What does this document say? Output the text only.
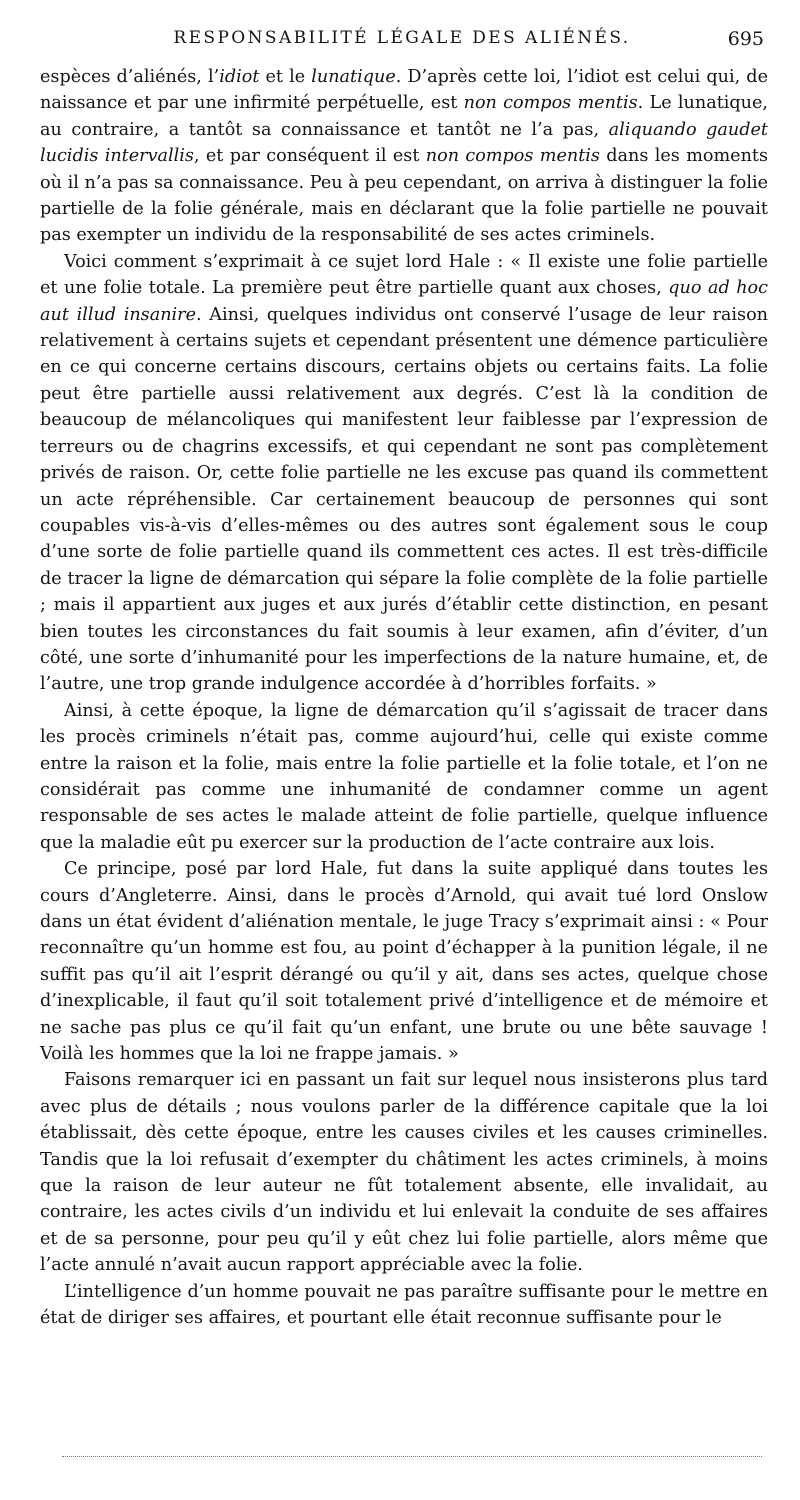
RESPONSABILITÉ LÉGALE DES ALIÉNÉS.	695

espèces d’aliénés, l’idiot et le lunatique. D’après cette loi, l’idiot est celui qui, de naissance et par une infirmité perpétuelle, est non compos mentis. Le lunatique, au contraire, a tantôt sa connaissance et tantôt ne l’a pas, aliquando gaudet lucidis intervallis, et par conséquent il est non compos mentis dans les moments où il n’a pas sa connaissance. Peu à peu cependant, on arriva à distinguer la folie partielle de la folie générale, mais en déclarant que la folie partielle ne pouvait pas exempter un individu de la responsabilité de ses actes criminels.

Voici comment s’exprimait à ce sujet lord Hale : « Il existe une folie partielle et une folie totale. La première peut être partielle quant aux choses, quo ad hoc aut illud insanire. Ainsi, quelques individus ont conservé l’usage de leur raison relativement à certains sujets et cependant présentent une démence particulière en ce qui concerne certains discours, certains objets ou certains faits. La folie peut être partielle aussi relativement aux degrés. C’est là la condition de beaucoup de mélancoliques qui manifestent leur faiblesse par l’expression de terreurs ou de chagrins excessifs, et qui cependant ne sont pas complètement privés de raison. Or, cette folie partielle ne les excuse pas quand ils commettent un acte répréhensible. Car certainement beaucoup de personnes qui sont coupables vis-à-vis d’elles-mêmes ou des autres sont également sous le coup d’une sorte de folie partielle quand ils commettent ces actes. Il est très-difficile de tracer la ligne de démarcation qui sépare la folie complète de la folie partielle ; mais il appartient aux juges et aux jurés d’établir cette distinction, en pesant bien toutes les circonstances du fait soumis à leur examen, afin d’éviter, d’un côté, une sorte d’inhumanité pour les imperfections de la nature humaine, et, de l’autre, une trop grande indulgence accordée à d’horribles forfaits. »

Ainsi, à cette époque, la ligne de démarcation qu’il s’agissait de tracer dans les procès criminels n’était pas, comme aujourd’hui, celle qui existe comme entre la raison et la folie, mais entre la folie partielle et la folie totale, et l’on ne considérait pas comme une inhumanité de condamner comme un agent responsable de ses actes le malade atteint de folie partielle, quelque influence que la maladie eût pu exercer sur la production de l’acte contraire aux lois.

Ce principe, posé par lord Hale, fut dans la suite appliqué dans toutes les cours d’Angleterre. Ainsi, dans le procès d’Arnold, qui avait tué lord Onslow dans un état évident d’aliénation mentale, le juge Tracy s’exprimait ainsi : « Pour reconnaître qu’un homme est fou, au point d’échapper à la punition légale, il ne suffit pas qu’il ait l’esprit dérangé ou qu’il y ait, dans ses actes, quelque chose d’inexplicable, il faut qu’il soit totalement privé d’intelligence et de mémoire et ne sache pas plus ce qu’il fait qu’un enfant, une brute ou une bête sauvage ! Voilà les hommes que la loi ne frappe jamais. »

Faisons remarquer ici en passant un fait sur lequel nous insisterons plus tard avec plus de détails ; nous voulons parler de la différence capitale que la loi établissait, dès cette époque, entre les causes civiles et les causes criminelles. Tandis que la loi refusait d’exempter du châtiment les actes criminels, à moins que la raison de leur auteur ne fût totalement absente, elle invalidait, au contraire, les actes civils d’un individu et lui enlevait la conduite de ses affaires et de sa personne, pour peu qu’il y eût chez lui folie partielle, alors même que l’acte annulé n’avait aucun rapport appréciable avec la folie.

L’intelligence d’un homme pouvait ne pas paraître suffisante pour le mettre en état de diriger ses affaires, et pourtant elle était reconnue suffisante pour le
